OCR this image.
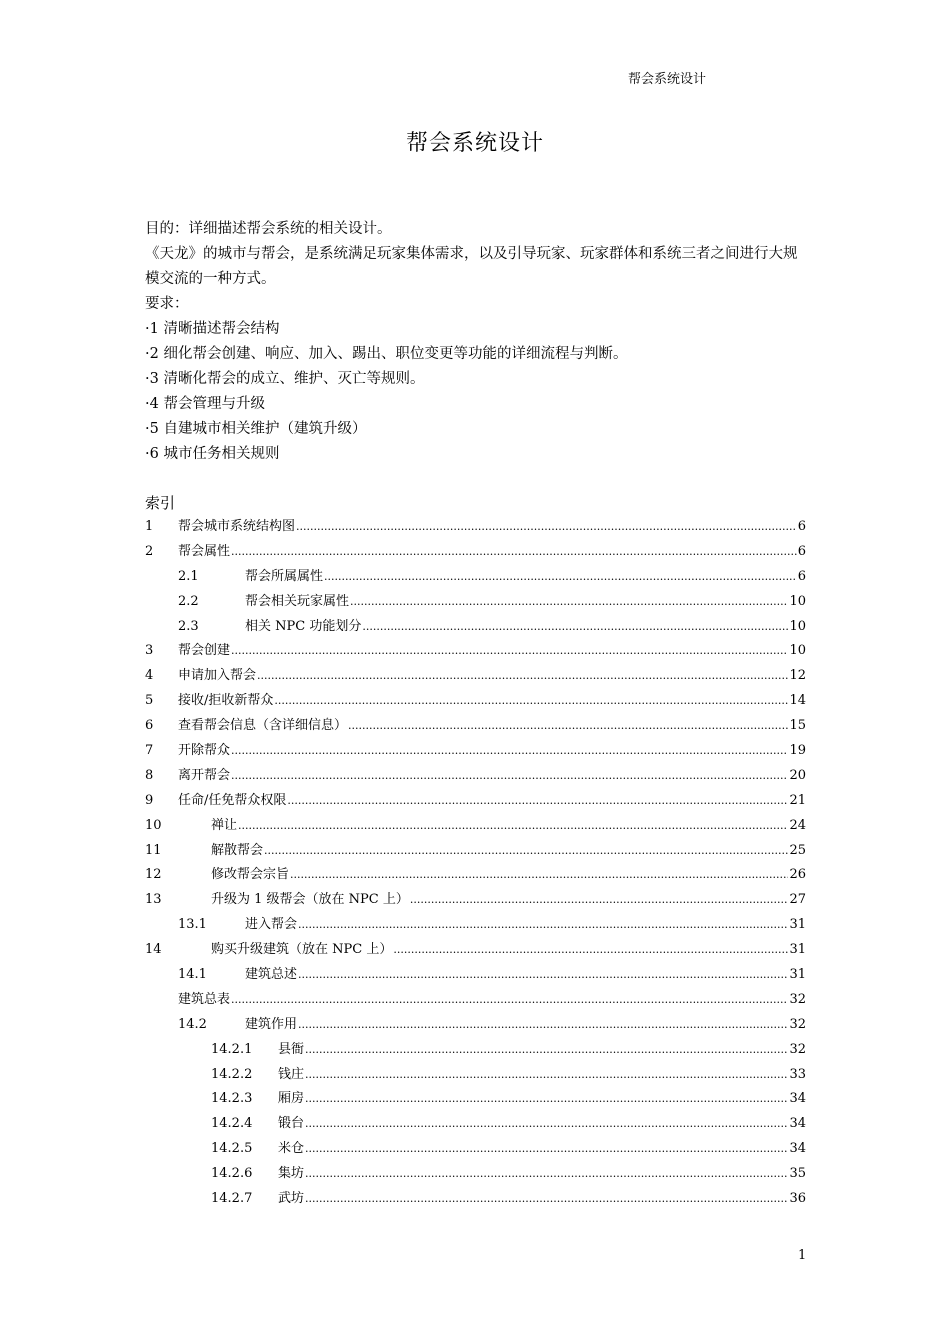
帮会系统设计
帮会系统设计

目的：详细描述帮会系统的相关设计。

《天龙》的城市与帮会，是系统满足玩家集体需求，以及引导玩家、玩家群体和系统三者之间进行大规模交流的一种方式。

要求：

·1 清晰描述帮会结构

·2 细化帮会创建、响应、加入、踢出、职位变更等功能的详细流程与判断。

·3 清晰化帮会的成立、维护、灭亡等规则。

·4 帮会管理与升级

·5 自建城市相关维护（建筑升级）

·6 城市任务相关规则

索引
1	帮会城市系统结构图 .....	6
2	帮会属性 .....	6
2.1	帮会所属属性 .....	6
2.2	帮会相关玩家属性 .....	10
2.3	相关 NPC 功能划分 .....	10
3	帮会创建 .....	10
4	申请加入帮会 .....	12
5	接收/拒收新帮众 .....	14
6	查看帮会信息（含详细信息） .....	15
7	开除帮众 .....	19
8	离开帮会 .....	20
9	任命/任免帮众权限 .....	21
10	禅让 .....	24
11	解散帮会 .....	25
12	修改帮会宗旨 .....	26
13	升级为 1 级帮会（放在 NPC 上） .....	27
13.1	进入帮会 .....	31
14	购买升级建筑（放在 NPC 上） .....	31
14.1	建筑总述 .....	31
建筑总表 .....	32
14.2	建筑作用 .....	32
14.2.1	县衙 .....	32
14.2.2	钱庄 .....	33
14.2.3	厢房 .....	34
14.2.4	锻台 .....	34
14.2.5	米仓 .....	34
14.2.6	集坊 .....	35
14.2.7	武坊 .....	36
1
